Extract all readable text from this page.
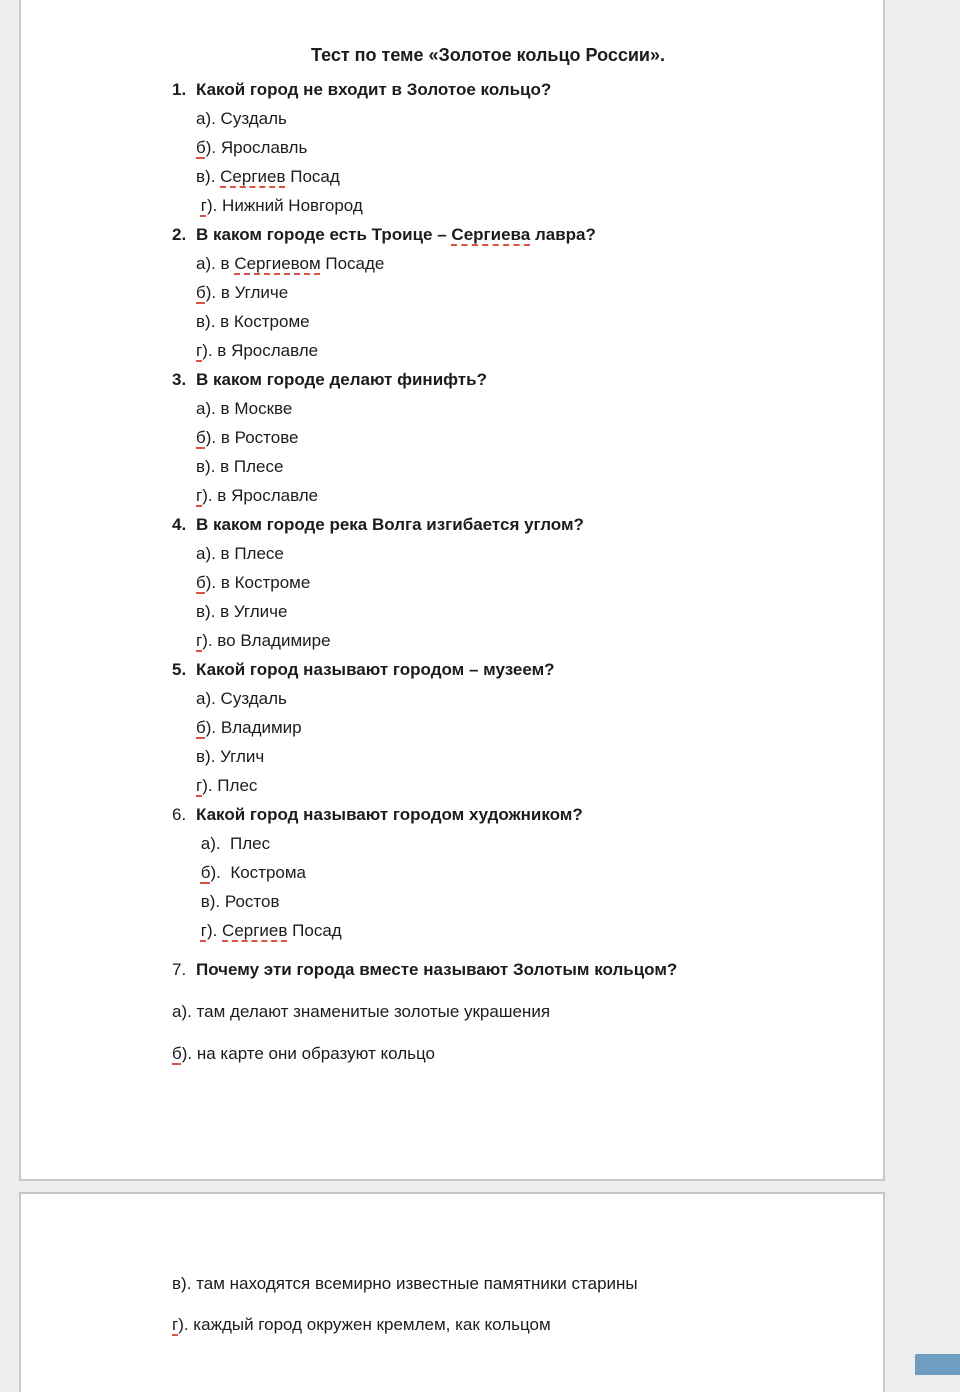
Тест по теме «Золотое кольцо России».
1. Какой город не входит в Золотое кольцо?
а). Суздаль
б). Ярославль
в). Сергиев Посад
г). Нижний Новгород
2. В каком городе есть Троице – Сергиева лавра?
а). в Сергиевом Посаде
б). в Угличе
в). в Костроме
г). в Ярославле
3. В каком городе делают финифть?
а). в Москве
б). в Ростове
в). в Плесе
г). в Ярославле
4. В каком городе река Волга изгибается углом?
а). в Плесе
б). в Костроме
в). в Угличе
г). во Владимире
5. Какой город называют городом – музеем?
а). Суздаль
б). Владимир
в). Углич
г). Плес
6. Какой город называют городом художником?
а).  Плес
б).  Кострома
в). Ростов
г). Сергиев Посад
7. Почему эти города вместе называют Золотым кольцом?
а). там делают знаменитые золотые украшения
б). на карте они образуют кольцо
в). там находятся всемирно известные памятники старины
г). каждый город окружен кремлем, как кольцом
